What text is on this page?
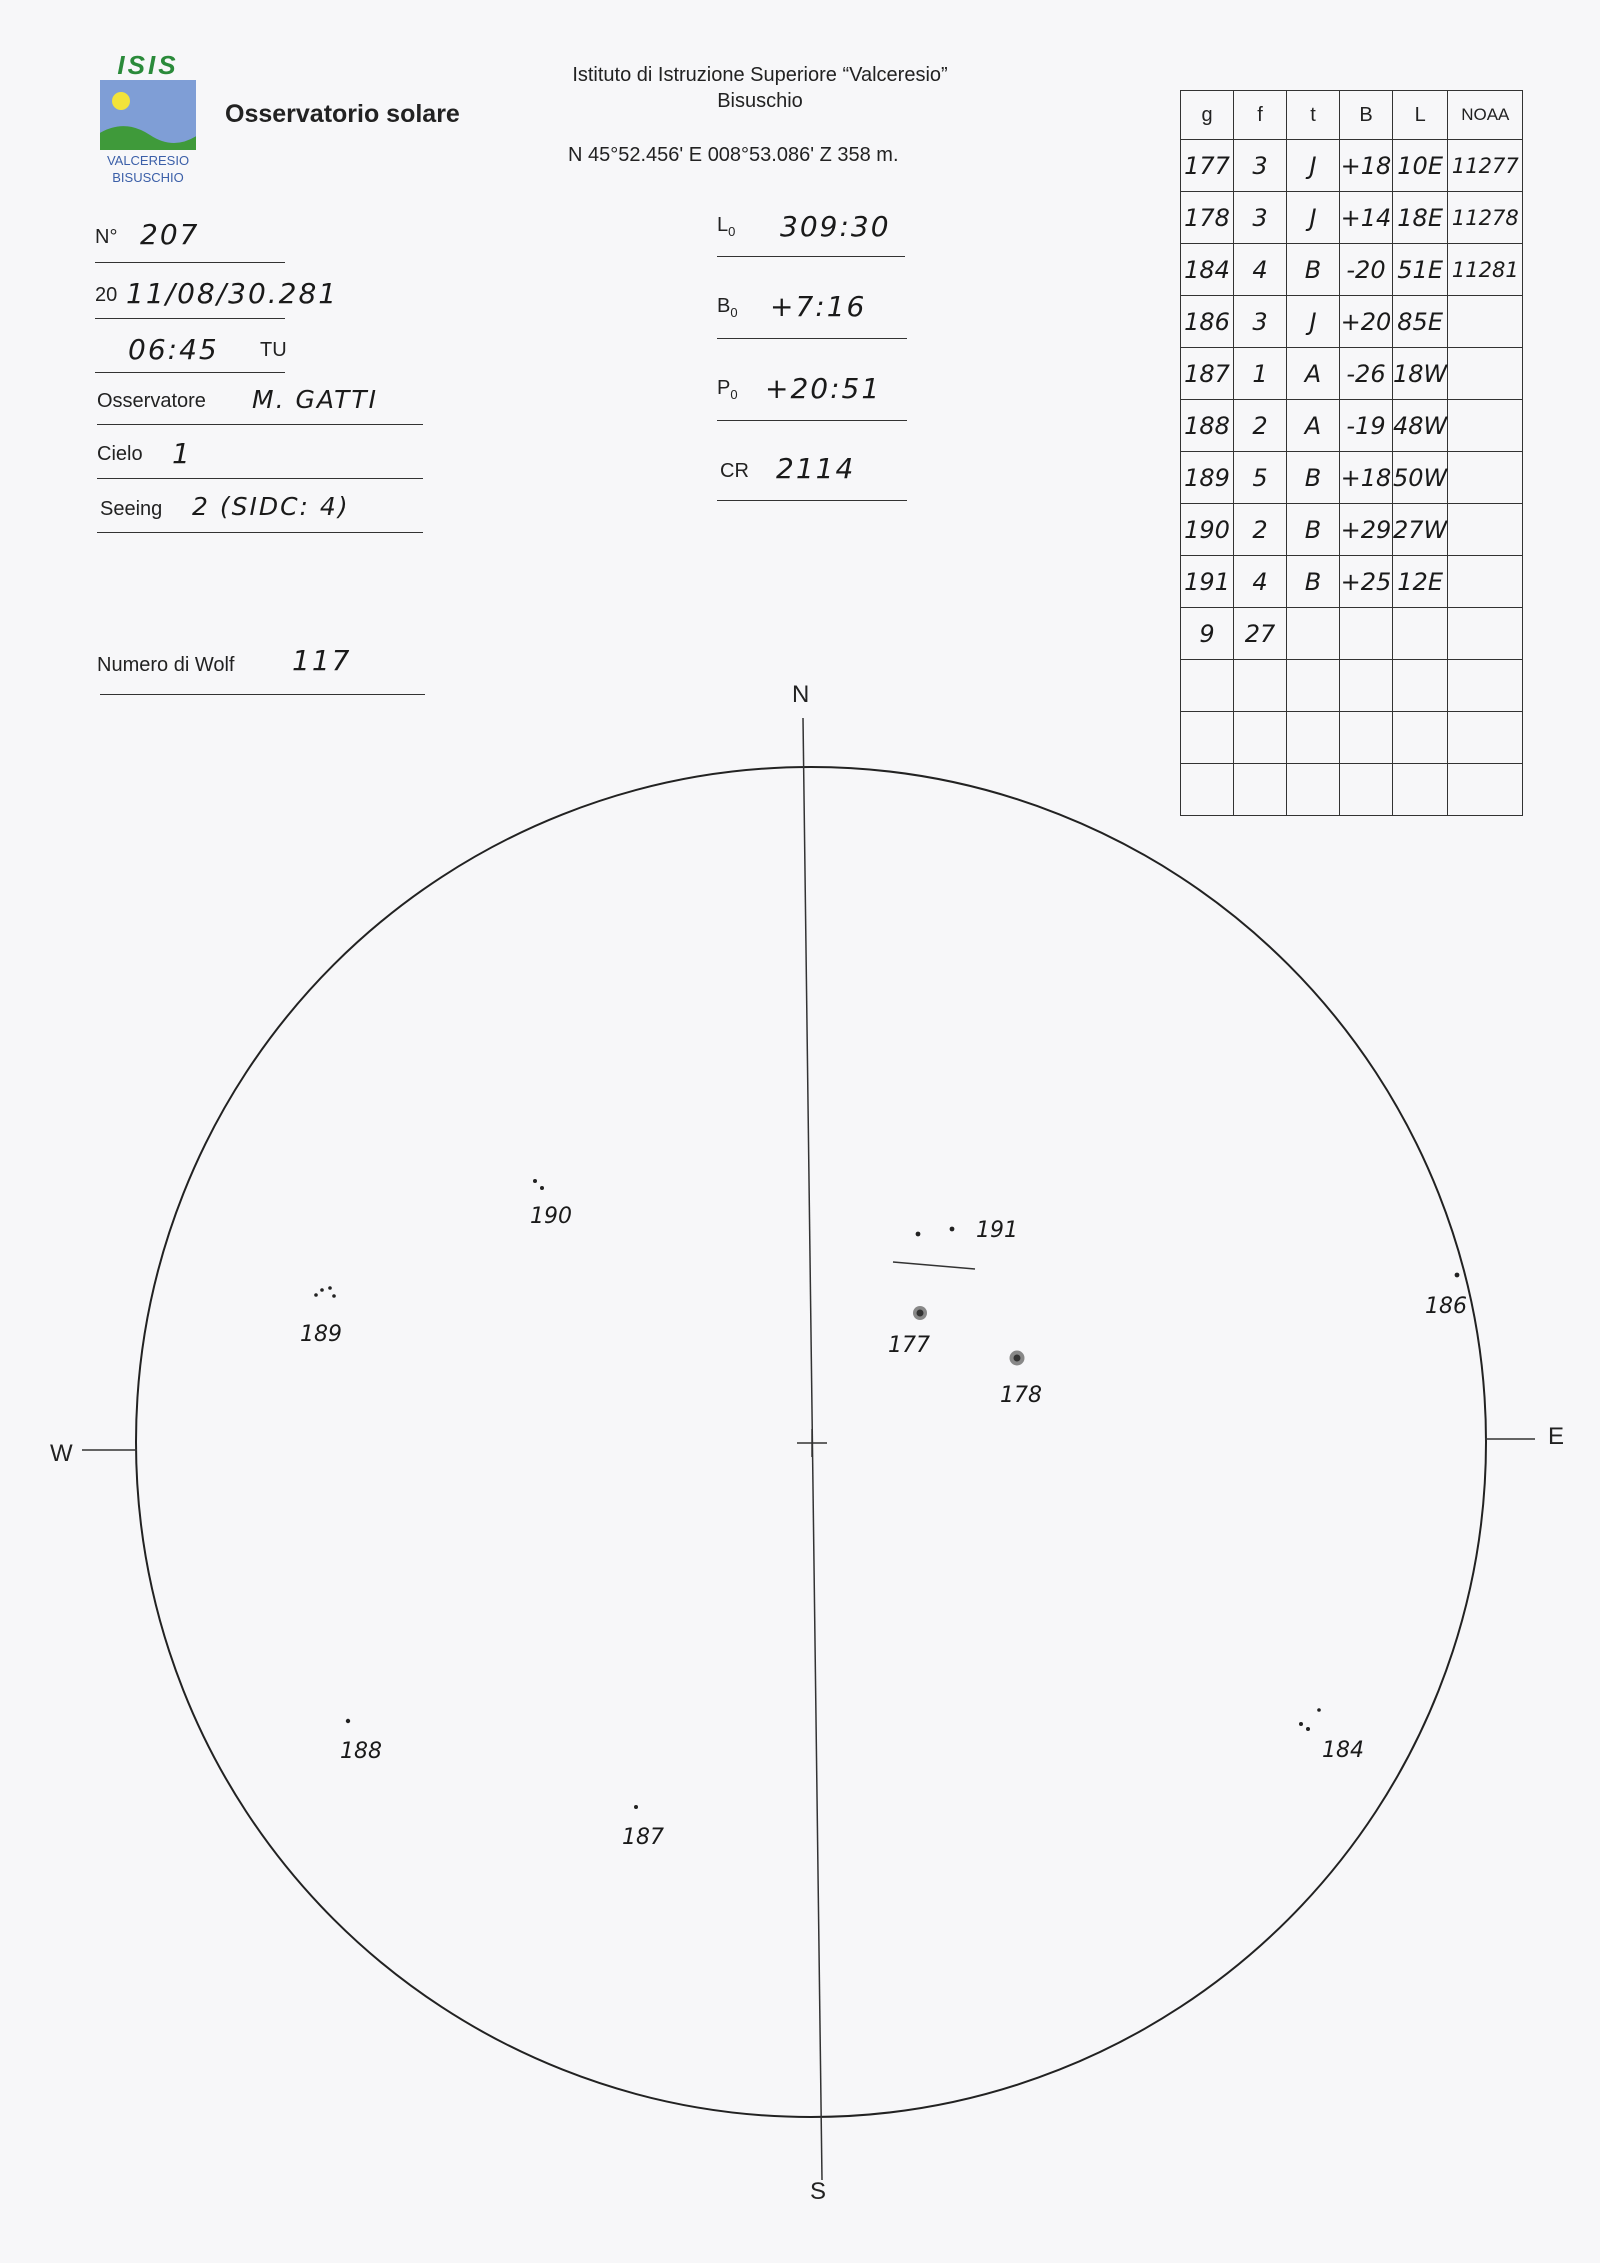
ISIS
VALCERESIO
BISUSCHIO
Osservatorio solare
Istituto di Istruzione Superiore “Valceresio”
Bisuschio
N 45°52.456' E 008°53.086' Z 358 m.
N° 207
20 11/08/30.281
06:45 TU
Osservatore M. GATTI
Cielo 1
Seeing 2 (SIDC: 4)
Numero di Wolf 117
$L_0$ 309:30
$B_0$ +7:16
$P_0$ +20:51
CR 2114
g	f	t	B	L	NOAA
177	3	J	+18	10E	11277
178	3	J	+14	18E	11278
184	4	B	-20	51E	11281
186	3	J	+20	85E	
187	1	A	-26	18W	
188	2	A	-19	48W	
189	5	B	+18	50W	
190	2	B	+29	27W	
191	4	B	+25	12E	
9	27				

N
S
E
W
190
191
189	177
178
186
188
187
184
